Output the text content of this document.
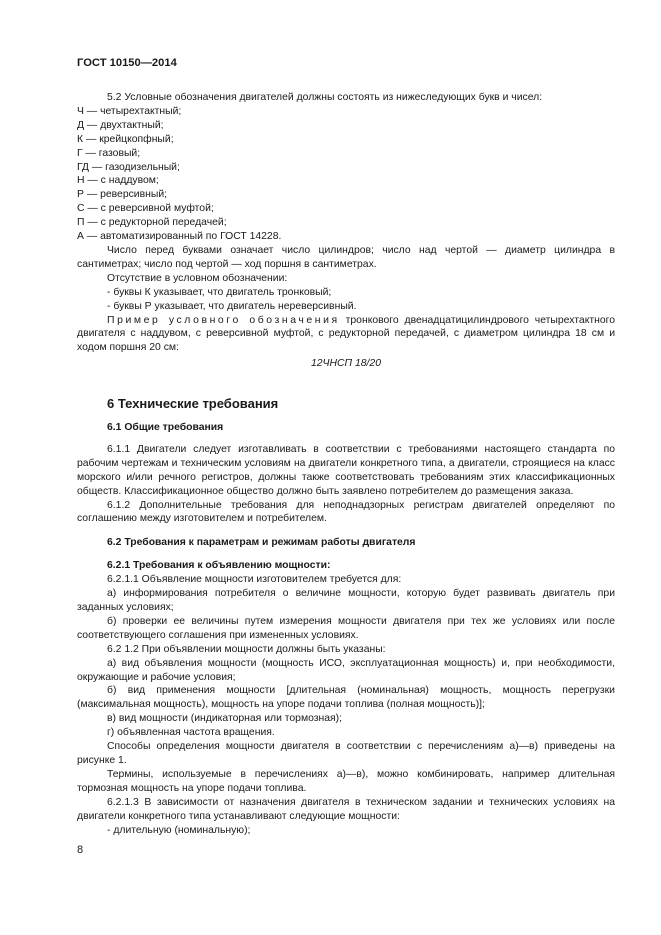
ГОСТ 10150—2014

5.2 Условные обозначения двигателей должны состоять из нижеследующих букв и чисел:

Ч — четырехтактный;

Д — двухтактный;

К — крейцкопфный;

Г — газовый;

ГД — газодизельный;

Н — с наддувом;

Р — реверсивный;

С — с реверсивной муфтой;

П — с редукторной передачей;

А — автоматизированный по ГОСТ 14228.

Число перед буквами означает число цилиндров; число над чертой — диаметр цилиндра в сантиметрах; число под чертой — ход поршня в сантиметрах.

Отсутствие в условном обозначении:

- буквы К указывает, что двигатель тронковый;

- буквы Р указывает, что двигатель нереверсивный.

Пример условного обозначения тронкового двенадцатицилиндрового четырехтактного двигателя с наддувом, с реверсивной муфтой, с редукторной передачей, с диаметром цилиндра 18 см и ходом поршня 20 см:

12ЧНСП 18/20

6 Технические требования

6.1 Общие требования

6.1.1 Двигатели следует изготавливать в соответствии с требованиями настоящего стандарта по рабочим чертежам и техническим условиям на двигатели конкретного типа, а двигатели, строящиеся на класс морского и/или речного регистров, должны также соответствовать требованиям этих классификационных обществ. Классификационное общество должно быть заявлено потребителем до размещения заказа.

6.1.2 Дополнительные требования для неподнадзорных регистрам двигателей определяют по соглашению между изготовителем и потребителем.

6.2 Требования к параметрам и режимам работы двигателя

6.2.1 Требования к объявлению мощности:

6.2.1.1 Объявление мощности изготовителем требуется для:

а) информирования потребителя о величине мощности, которую будет развивать двигатель при заданных условиях;

б) проверки ее величины путем измерения мощности двигателя при тех же условиях или после соответствующего соглашения при измененных условиях.

6.2 1.2 При объявлении мощности должны быть указаны:

а) вид объявления мощности (мощность ИСО, эксплуатационная мощность) и, при необходимости, окружающие и рабочие условия;

б) вид применения мощности [длительная (номинальная) мощность, мощность перегрузки (максимальная мощность), мощность на упоре подачи топлива (полная мощность)];

в) вид мощности (индикаторная или тормозная);

г) объявленная частота вращения.

Способы определения мощности двигателя в соответствии с перечислениям а)—в) приведены на рисунке 1.

Термины, используемые в перечислениях а)—в), можно комбинировать, например длительная тормозная мощность на упоре подачи топлива.

6.2.1.3 В зависимости от назначения двигателя в техническом задании и технических условиях на двигатели конкретного типа устанавливают следующие мощности:

- длительную (номинальную);

8
